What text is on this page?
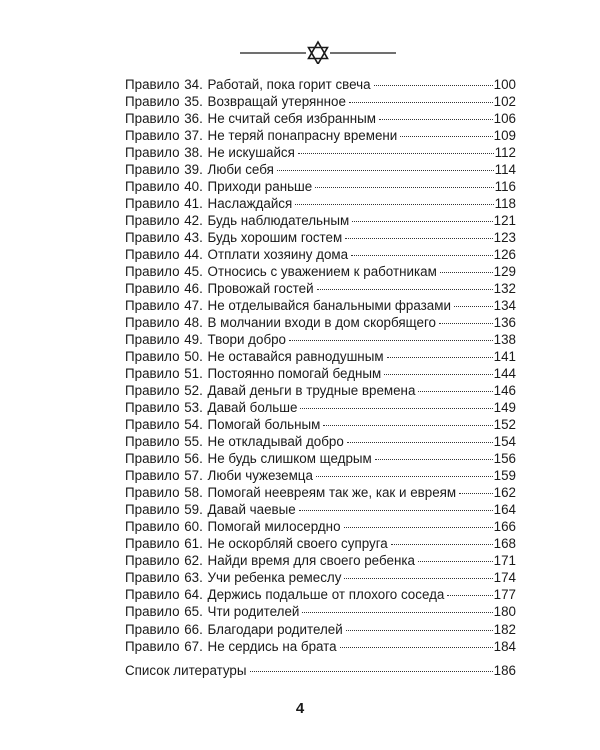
Правило 34. Работай, пока горит свеча	100
Правило 35. Возвращай утерянное	102
Правило 36. Не считай себя избранным	106
Правило 37. Не теряй понапрасну времени	109
Правило 38. Не искушайся	112
Правило 39. Люби себя	114
Правило 40. Приходи раньше	116
Правило 41. Наслаждайся	118
Правило 42. Будь наблюдательным	121
Правило 43. Будь хорошим гостем	123
Правило 44. Отплати хозяину дома	126
Правило 45. Относись с уважением к работникам	129
Правило 46. Провожай гостей	132
Правило 47. Не отделывайся банальными фразами	134
Правило 48. В молчании входи в дом скорбящего	136
Правило 49. Твори добро	138
Правило 50. Не оставайся равнодушным	141
Правило 51. Постоянно помогай бедным	144
Правило 52. Давай деньги в трудные времена	146
Правило 53. Давай больше	149
Правило 54. Помогай больным	152
Правило 55. Не откладывай добро	154
Правило 56. Не будь слишком щедрым	156
Правило 57. Люби чужеземца	159
Правило 58. Помогай неевреям так же, как и евреям	162
Правило 59. Давай чаевые	164
Правило 60. Помогай милосердно	166
Правило 61. Не оскорбляй своего супруга	168
Правило 62. Найди время для своего ребенка	171
Правило 63. Учи ребенка ремеслу	174
Правило 64. Держись подальше от плохого соседа	177
Правило 65. Чти родителей	180
Правило 66. Благодари родителей	182
Правило 67. Не сердись на брата	184
Список литературы	186
4
